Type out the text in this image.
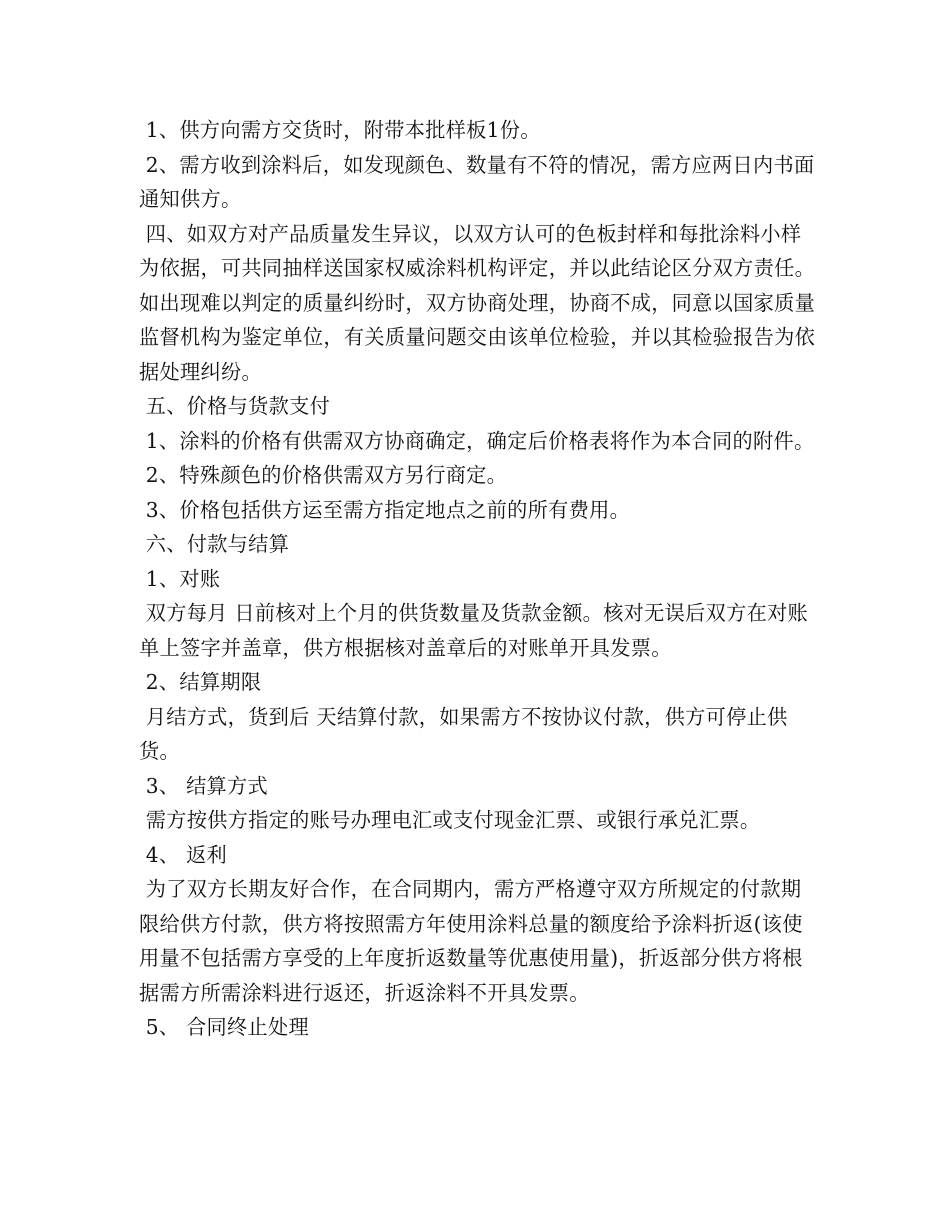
1、供方向需方交货时，附带本批样板1份。

2、需方收到涂料后，如发现颜色、数量有不符的情况，需方应两日内书面通知供方。

四、如双方对产品质量发生异议，以双方认可的色板封样和每批涂料小样为依据，可共同抽样送国家权威涂料机构评定，并以此结论区分双方责任。如出现难以判定的质量纠纷时，双方协商处理，协商不成，同意以国家质量监督机构为鉴定单位，有关质量问题交由该单位检验，并以其检验报告为依据处理纠纷。

五、价格与货款支付

1、涂料的价格有供需双方协商确定，确定后价格表将作为本合同的附件。

2、特殊颜色的价格供需双方另行商定。

3、价格包括供方运至需方指定地点之前的所有费用。

六、付款与结算

1、对账

双方每月 日前核对上个月的供货数量及货款金额。核对无误后双方在对账单上签字并盖章，供方根据核对盖章后的对账单开具发票。

2、结算期限

月结方式，货到后 天结算付款，如果需方不按协议付款，供方可停止供货。

3、 结算方式

需方按供方指定的账号办理电汇或支付现金汇票、或银行承兑汇票。

4、 返利

为了双方长期友好合作，在合同期内，需方严格遵守双方所规定的付款期限给供方付款，供方将按照需方年使用涂料总量的额度给予涂料折返(该使用量不包括需方享受的上年度折返数量等优惠使用量)，折返部分供方将根据需方所需涂料进行返还，折返涂料不开具发票。

5、 合同终止处理
